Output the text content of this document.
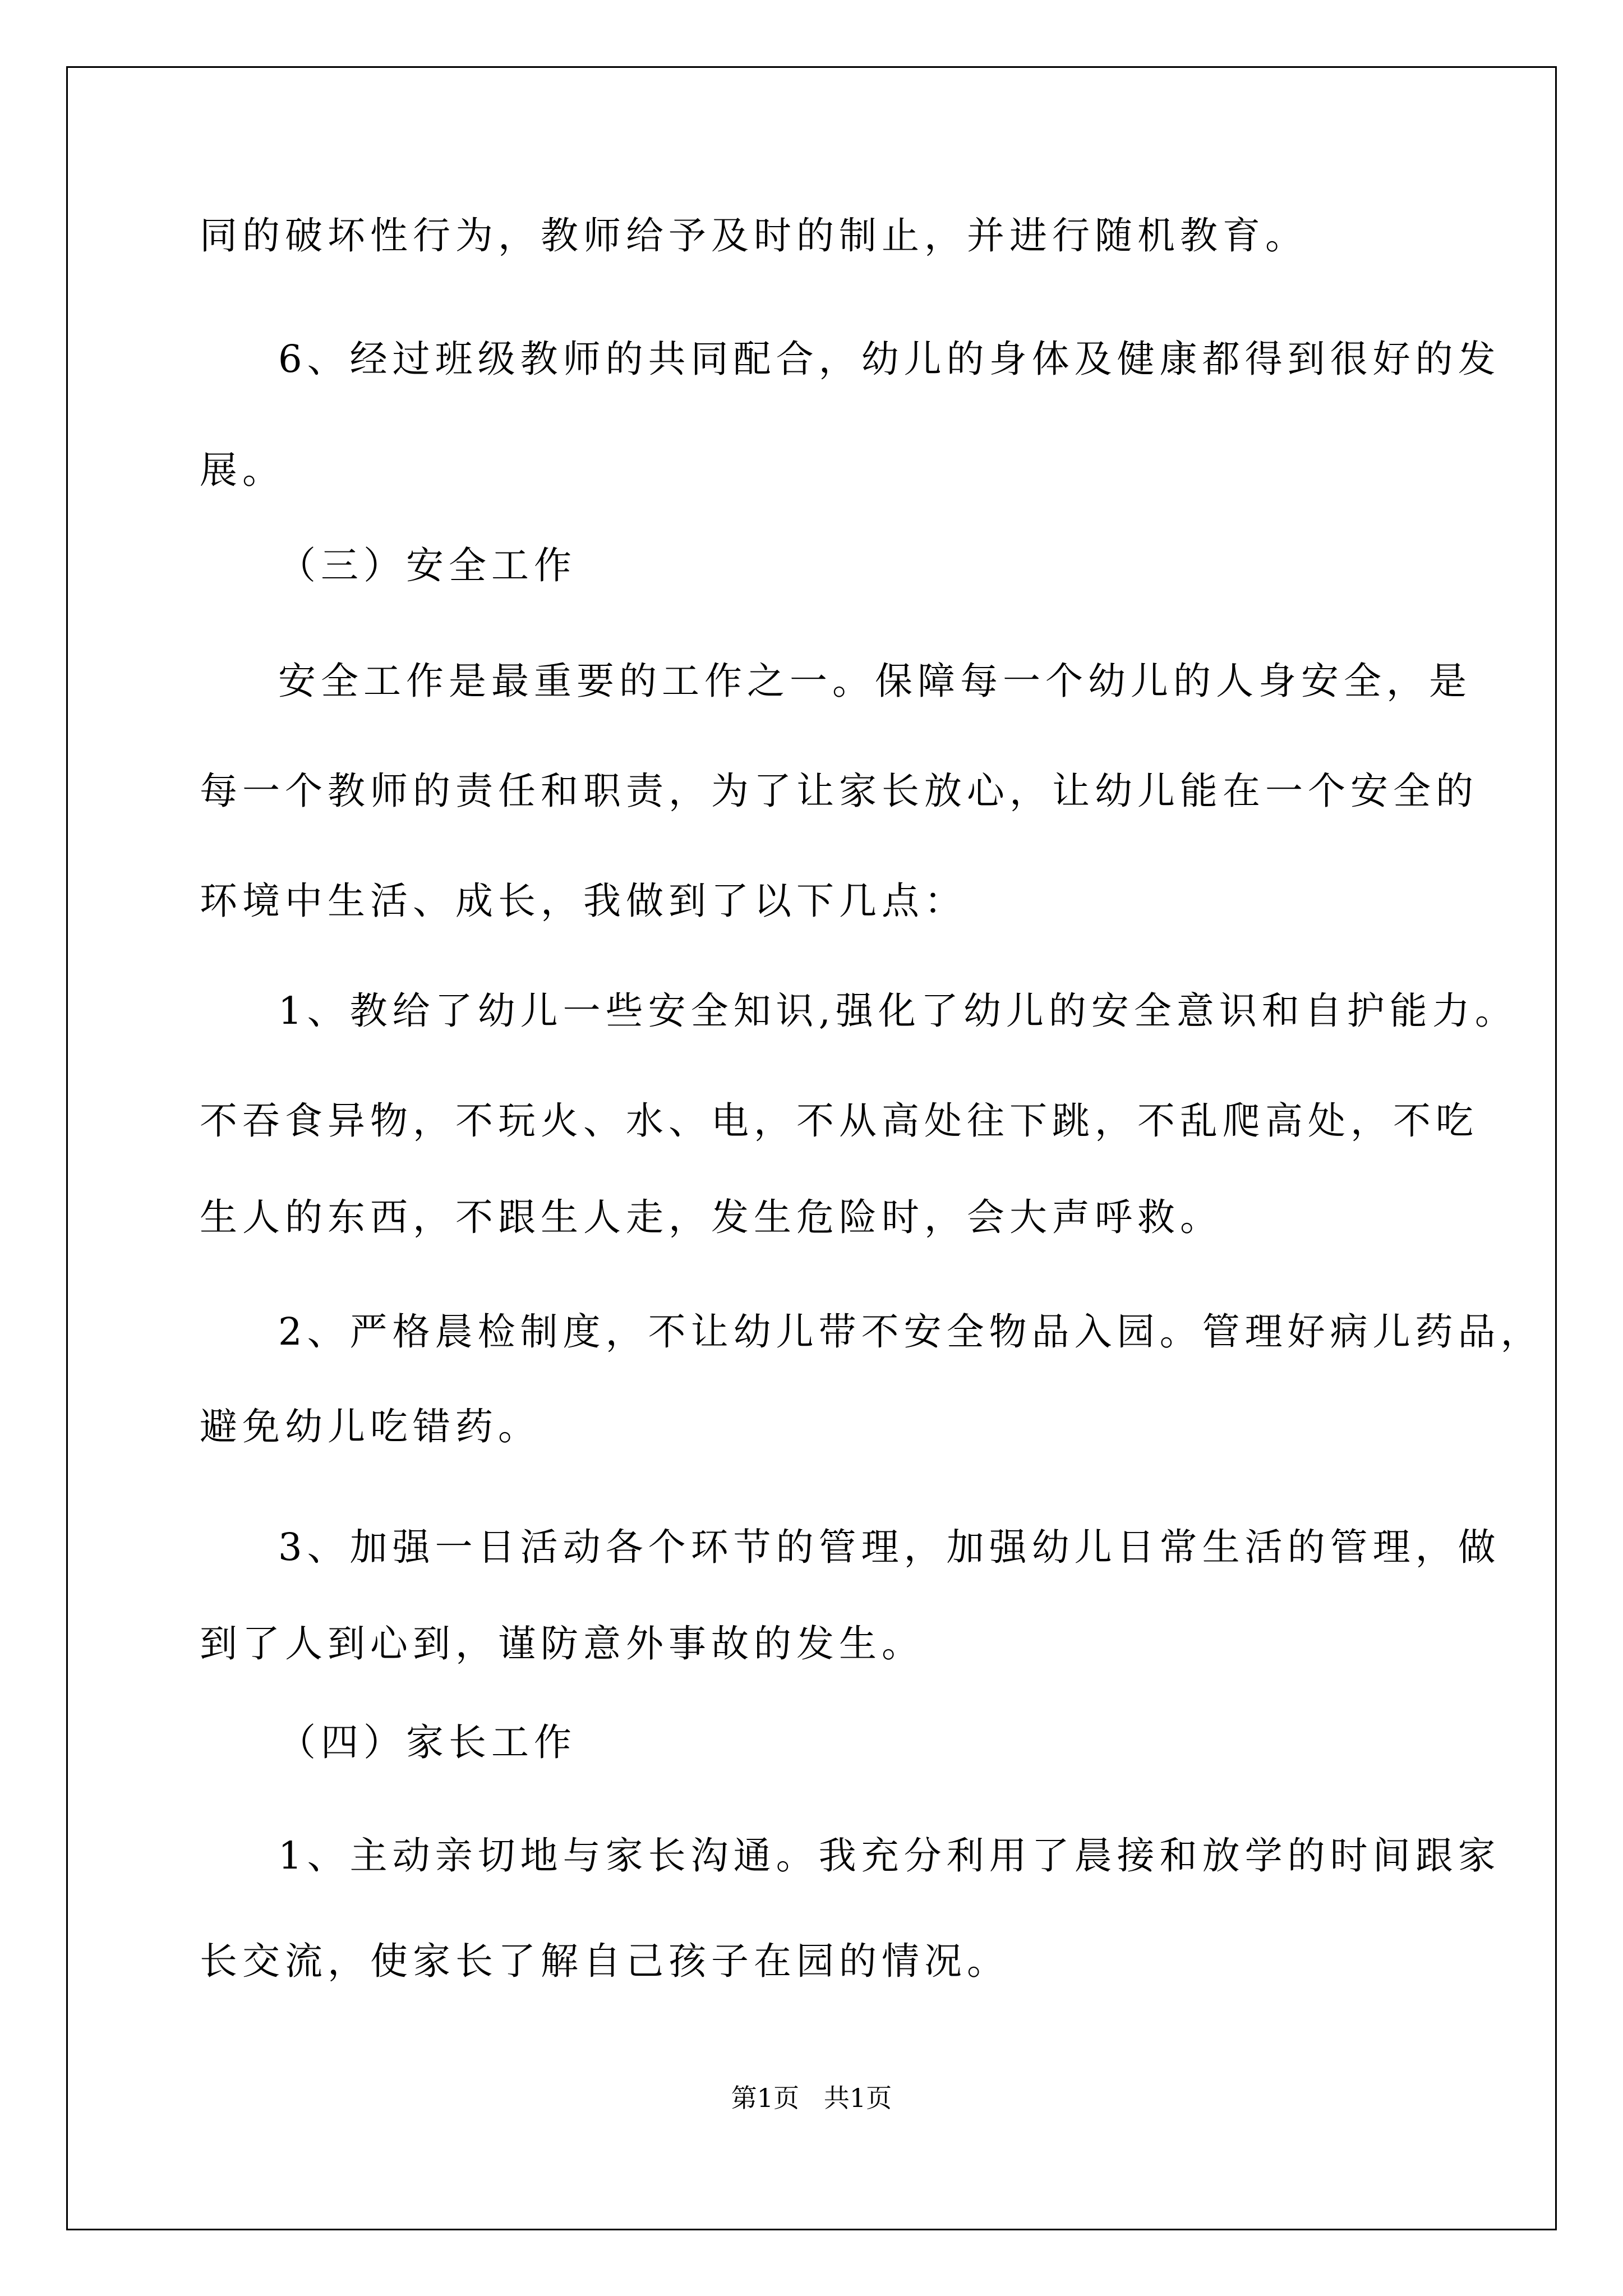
同的破坏性行为，教师给予及时的制止，并进行随机教育。
6、经过班级教师的共同配合，幼儿的身体及健康都得到很好的发
展。
（三）安全工作
安全工作是最重要的工作之一。保障每一个幼儿的人身安全，是
每一个教师的责任和职责，为了让家长放心，让幼儿能在一个安全的
环境中生活、成长，我做到了以下几点：
1、教给了幼儿一些安全知识,强化了幼儿的安全意识和自护能力。
不吞食异物，不玩火、水、电，不从高处往下跳，不乱爬高处，不吃
生人的东西，不跟生人走，发生危险时，会大声呼救。
2、严格晨检制度，不让幼儿带不安全物品入园。管理好病儿药品，
避免幼儿吃错药。
3、加强一日活动各个环节的管理，加强幼儿日常生活的管理，做
到了人到心到，谨防意外事故的发生。
（四）家长工作
1、主动亲切地与家长沟通。我充分利用了晨接和放学的时间跟家
长交流，使家长了解自己孩子在园的情况。
第1页   共1页
